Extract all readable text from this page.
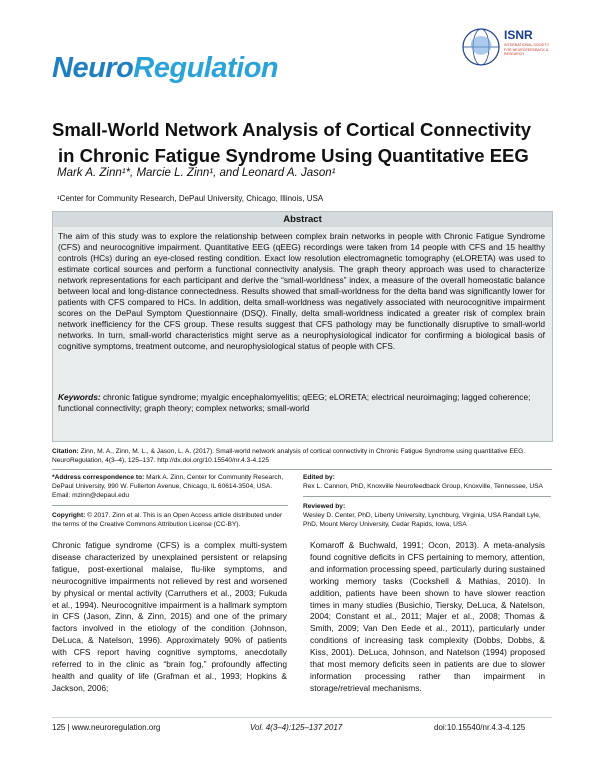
NeuroRegulation
ISNR
INTERNATIONAL SOCIETY FOR NEUROFEEDBACK & RESEARCH
Small-World Network Analysis of Cortical Connectivity
in Chronic Fatigue Syndrome Using Quantitative EEG
Mark A. Zinn¹*, Marcie L. Zinn¹, and Leonard A. Jason¹
¹Center for Community Research, DePaul University, Chicago, Illinois, USA
Abstract
The aim of this study was to explore the relationship between complex brain networks in people with Chronic Fatigue Syndrome (CFS) and neurocognitive impairment. Quantitative EEG (qEEG) recordings were taken from 14 people with CFS and 15 healthy controls (HCs) during an eye-closed resting condition. Exact low resolution electromagnetic tomography (eLORETA) was used to estimate cortical sources and perform a functional connectivity analysis. The graph theory approach was used to characterize network representations for each participant and derive the “small-worldness” index, a measure of the overall homeostatic balance between local and long-distance connectedness. Results showed that small-worldness for the delta band was significantly lower for patients with CFS compared to HCs. In addition, delta small-worldness was negatively associated with neurocognitive impairment scores on the DePaul Symptom Questionnaire (DSQ). Finally, delta small-worldness indicated a greater risk of complex brain network inefficiency for the CFS group. These results suggest that CFS pathology may be functionally disruptive to small-world networks. In turn, small-world characteristics might serve as a neurophysiological indicator for confirming a biological basis of cognitive symptoms, treatment outcome, and neurophysiological status of people with CFS.
Keywords: chronic fatigue syndrome; myalgic encephalomyelitis; qEEG; eLORETA; electrical neuroimaging; lagged coherence; functional connectivity; graph theory; complex networks; small-world
Citation: Zinn, M. A., Zinn, M. L., & Jason, L. A. (2017). Small-world network analysis of cortical connectivity in Chronic Fatigue Syndrome using quantitative EEG. NeuroRegulation, 4(3–4), 125–137. http://dx.doi.org/10.15540/nr.4.3-4.125
*Address correspondence to: Mark A. Zinn, Center for Community Research, DePaul University, 990 W. Fullerton Avenue, Chicago, IL 60614-3504, USA. Email: mzinn@depaul.edu
Copyright: © 2017. Zinn et al. This is an Open Access article distributed under the terms of the Creative Commons Attribution License (CC-BY).
Edited by:
Rex L. Cannon, PhD, Knoxville Neurofeedback Group, Knoxville, Tennessee, USA
Reviewed by:
Wesley D. Center, PhD, Liberty University, Lynchburg, Virginia, USA Randall Lyle, PhD, Mount Mercy University, Cedar Rapids, Iowa, USA
Chronic fatigue syndrome (CFS) is a complex multi-system disease characterized by unexplained persistent or relapsing fatigue, post-exertional malaise, flu-like symptoms, and neurocognitive impairments not relieved by rest and worsened by physical or mental activity (Carruthers et al., 2003; Fukuda et al., 1994). Neurocognitive impairment is a hallmark symptom in CFS (Jason, Zinn, & Zinn, 2015) and one of the primary factors involved in the etiology of the condition (Johnson, DeLuca, & Natelson, 1996). Approximately 90% of patients with CFS report having cognitive symptoms, anecdotally referred to in the clinic as “brain fog,” profoundly affecting health and quality of life (Grafman et al., 1993; Hopkins & Jackson, 2006;
Komaroff & Buchwald, 1991; Ocon, 2013). A meta-analysis found cognitive deficits in CFS pertaining to memory, attention, and information processing speed, particularly during sustained working memory tasks (Cockshell & Mathias, 2010). In addition, patients have been shown to have slower reaction times in many studies (Busichio, Tiersky, DeLuca, & Natelson, 2004; Constant et al., 2011; Majer et al., 2008; Thomas & Smith, 2009; Van Den Eede et al., 2011), particularly under conditions of increasing task complexity (Dobbs, Dobbs, & Kiss, 2001). DeLuca, Johnson, and Natelson (1994) proposed that most memory deficits seen in patients are due to slower information processing rather than impairment in storage/retrieval mechanisms.
125 | www.neuroregulation.org	Vol. 4(3–4):125–137 2017	doi:10.15540/nr.4.3-4.125
